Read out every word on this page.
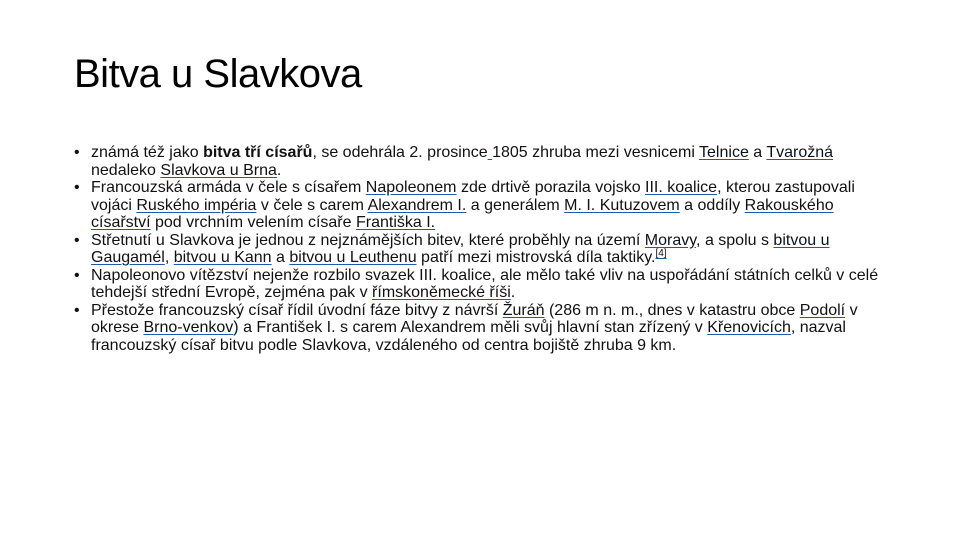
Bitva u Slavkova
• známá též jako bitva tří císařů, se odehrála 2. prosince 1805 zhruba mezi vesnicemi Telnice a Tvarožná nedaleko Slavkova u Brna.
• Francouzská armáda v čele s císařem Napoleonem zde drtivě porazila vojsko III. koalice, kterou zastupovali vojáci Ruského impéria v čele s carem Alexandrem I. a generálem M. I. Kutuzovem a oddíly Rakouského císařství pod vrchním velením císaře Františka I.
• Střetnutí u Slavkova je jednou z nejznámějších bitev, které proběhly na území Moravy, a spolu s bitvou u Gaugamél, bitvou u Kann a bitvou u Leuthenu patří mezi mistrovská díla taktiky.[4]
• Napoleonovo vítězství nejenže rozbilo svazek III. koalice, ale mělo také vliv na uspořádání státních celků v celé tehdejší střední Evropě, zejména pak v římskoněmecké říši.
• Přestože francouzský císař řídil úvodní fáze bitvy z návrší Žuráň (286 m n. m., dnes v katastru obce Podolí v okrese Brno-venkov) a František I. s carem Alexandrem měli svůj hlavní stan zřízený v Křenovicích, nazval francouzský císař bitvu podle Slavkova, vzdáleného od centra bojiště zhruba 9 km.
